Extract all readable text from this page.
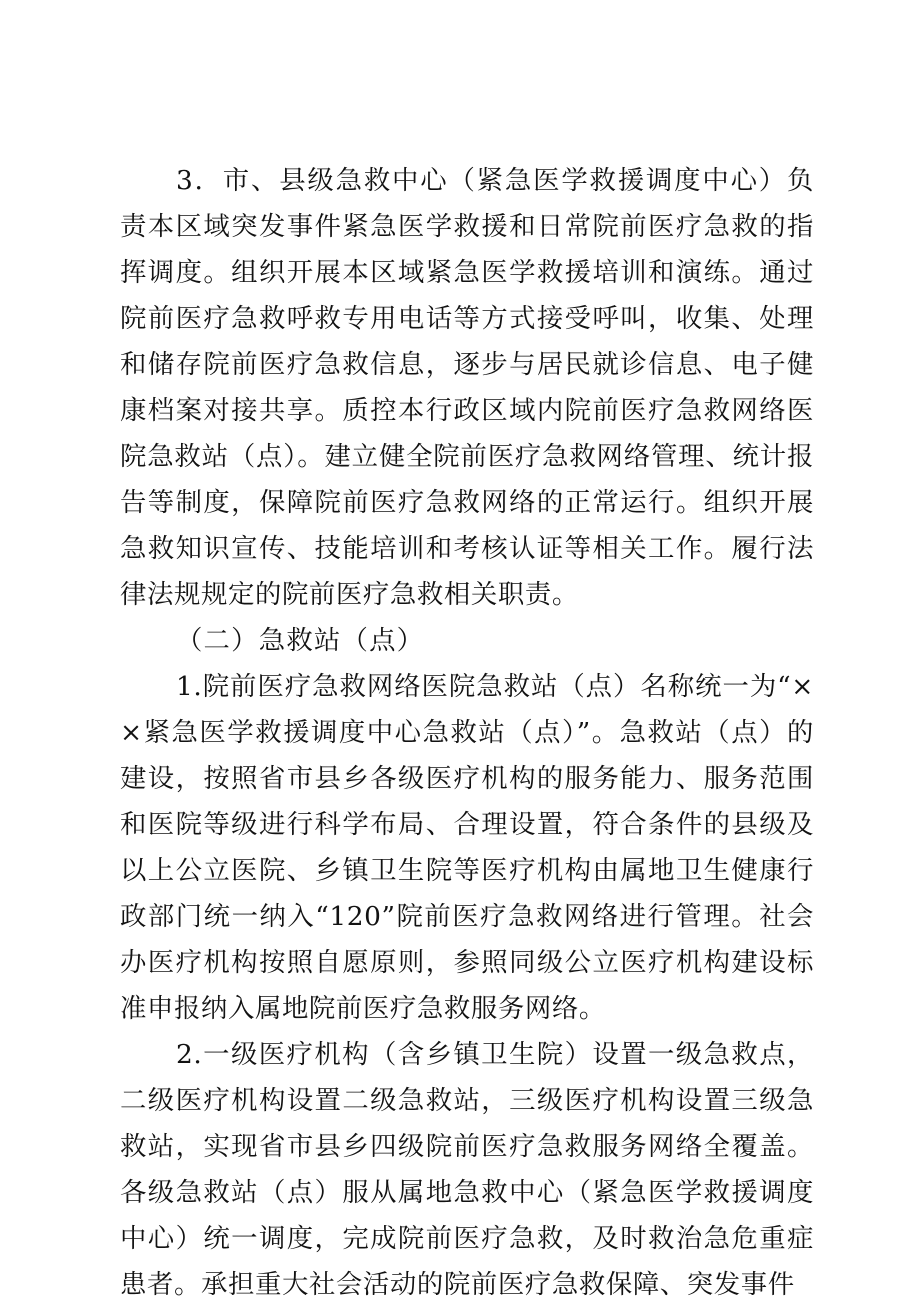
3．市、县级急救中心（紧急医学救援调度中心）负责本区域突发事件紧急医学救援和日常院前医疗急救的指挥调度。组织开展本区域紧急医学救援培训和演练。通过院前医疗急救呼救专用电话等方式接受呼叫，收集、处理和储存院前医疗急救信息，逐步与居民就诊信息、电子健康档案对接共享。质控本行政区域内院前医疗急救网络医院急救站（点）。建立健全院前医疗急救网络管理、统计报告等制度，保障院前医疗急救网络的正常运行。组织开展急救知识宣传、技能培训和考核认证等相关工作。履行法律法规规定的院前医疗急救相关职责。

（二）急救站（点）

1.院前医疗急救网络医院急救站（点）名称统一为“××紧急医学救援调度中心急救站（点）”。急救站（点）的建设，按照省市县乡各级医疗机构的服务能力、服务范围和医院等级进行科学布局、合理设置，符合条件的县级及以上公立医院、乡镇卫生院等医疗机构由属地卫生健康行政部门统一纳入“120”院前医疗急救网络进行管理。社会办医疗机构按照自愿原则，参照同级公立医疗机构建设标准申报纳入属地院前医疗急救服务网络。

2.一级医疗机构（含乡镇卫生院）设置一级急救点，二级医疗机构设置二级急救站，三级医疗机构设置三级急救站，实现省市县乡四级院前医疗急救服务网络全覆盖。各级急救站（点）服从属地急救中心（紧急医学救援调度中心）统一调度，完成院前医疗急救，及时救治急危重症患者。承担重大社会活动的院前医疗急救保障、突发事件
